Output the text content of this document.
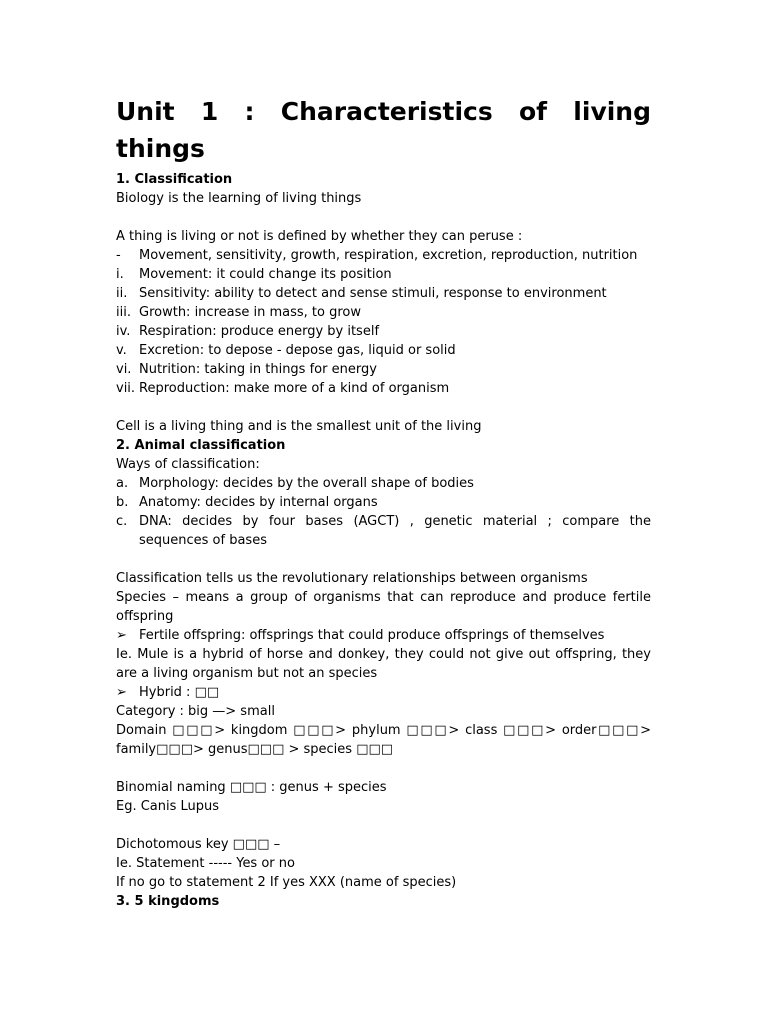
Unit 1 : Characteristics of living things
1. Classification
Biology is the learning of living things
A thing is living or not is defined by whether they can peruse :
- Movement, sensitivity, growth, respiration, excretion, reproduction, nutrition
i. Movement: it could change its position
ii. Sensitivity: ability to detect and sense stimuli, response to environment
iii. Growth: increase in mass, to grow
iv. Respiration: produce energy by itself
v. Excretion: to depose - depose gas, liquid or solid
vi. Nutrition: taking in things for energy
vii. Reproduction: make more of a kind of organism
Cell is a living thing and is the smallest unit of the living
2. Animal classification
Ways of classification:
a. Morphology: decides by the overall shape of bodies
b. Anatomy: decides by internal organs
c. DNA: decides by four bases (AGCT) , genetic material ; compare the sequences of bases
Classification tells us the revolutionary relationships between organisms
Species – means a group of organisms that can reproduce and produce fertile offspring
➢ Fertile offspring: offsprings that could produce offsprings of themselves
Ie. Mule is a hybrid of horse and donkey, they could not give out offspring, they are a living organism but not an species
➢ Hybrid : □□
Category : big —> small
Domain □□□> kingdom □□□> phylum □□□> class □□□> order□□□> family□□□> genus□□□ > species □□□
Binomial naming □□□ : genus + species
Eg. Canis Lupus
Dichotomous key □□□ –
Ie. Statement ----- Yes or no
If no go to statement 2 If yes XXX (name of species)
3. 5 kingdoms
